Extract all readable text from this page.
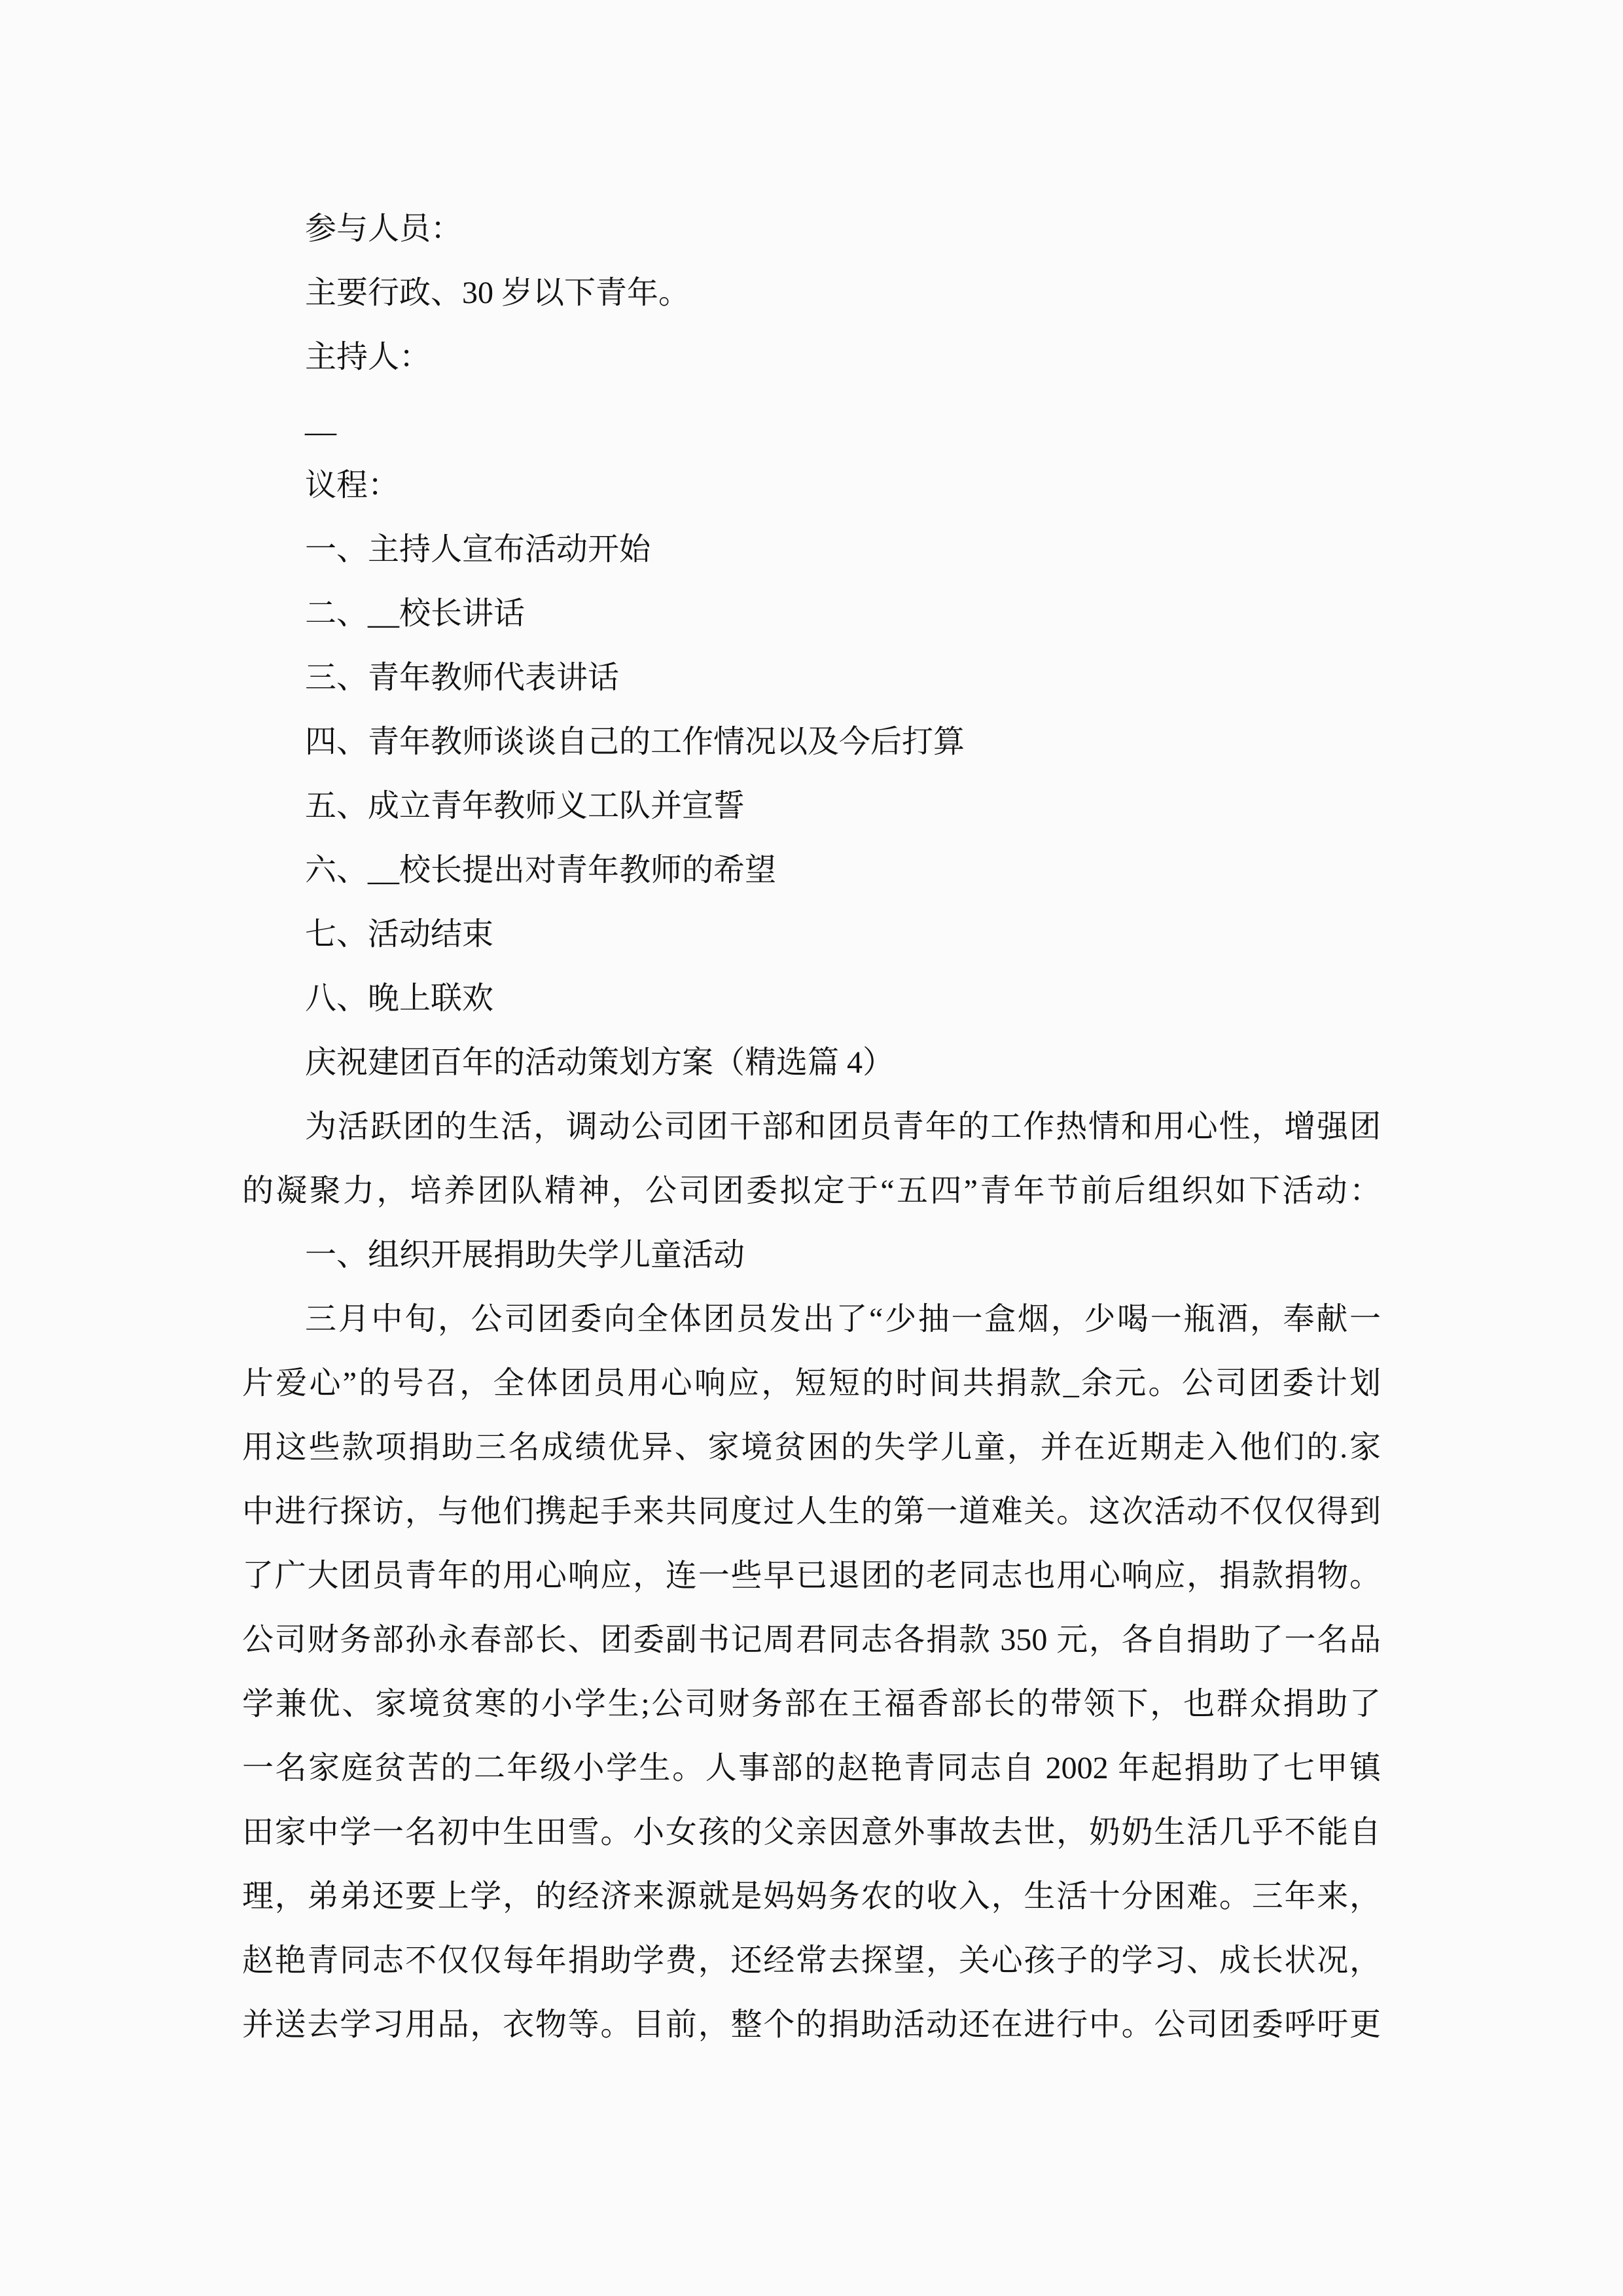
参与人员：

主要行政、30 岁以下青年。

主持人：

__

议程：

一、主持人宣布活动开始

二、__校长讲话

三、青年教师代表讲话

四、青年教师谈谈自己的工作情况以及今后打算

五、成立青年教师义工队并宣誓

六、__校长提出对青年教师的希望

七、活动结束

八、晚上联欢

庆祝建团百年的活动策划方案（精选篇 4）

为活跃团的生活，调动公司团干部和团员青年的工作热情和用心性，增强团

的凝聚力，培养团队精神，公司团委拟定于“五四”青年节前后组织如下活动：

一、组织开展捐助失学儿童活动

三月中旬，公司团委向全体团员发出了“少抽一盒烟，少喝一瓶酒，奉献一

片爱心”的号召，全体团员用心响应，短短的时间共捐款_余元。公司团委计划

用这些款项捐助三名成绩优异、家境贫困的失学儿童，并在近期走入他们的.家

中进行探访，与他们携起手来共同度过人生的第一道难关。这次活动不仅仅得到

了广大团员青年的用心响应，连一些早已退团的老同志也用心响应，捐款捐物。

公司财务部孙永春部长、团委副书记周君同志各捐款 350 元，各自捐助了一名品

学兼优、家境贫寒的小学生;公司财务部在王福香部长的带领下，也群众捐助了

一名家庭贫苦的二年级小学生。人事部的赵艳青同志自 2002 年起捐助了七甲镇

田家中学一名初中生田雪。小女孩的父亲因意外事故去世，奶奶生活几乎不能自

理，弟弟还要上学，的经济来源就是妈妈务农的收入，生活十分困难。三年来，

赵艳青同志不仅仅每年捐助学费，还经常去探望，关心孩子的学习、成长状况，

并送去学习用品，衣物等。目前，整个的捐助活动还在进行中。公司团委呼吁更
